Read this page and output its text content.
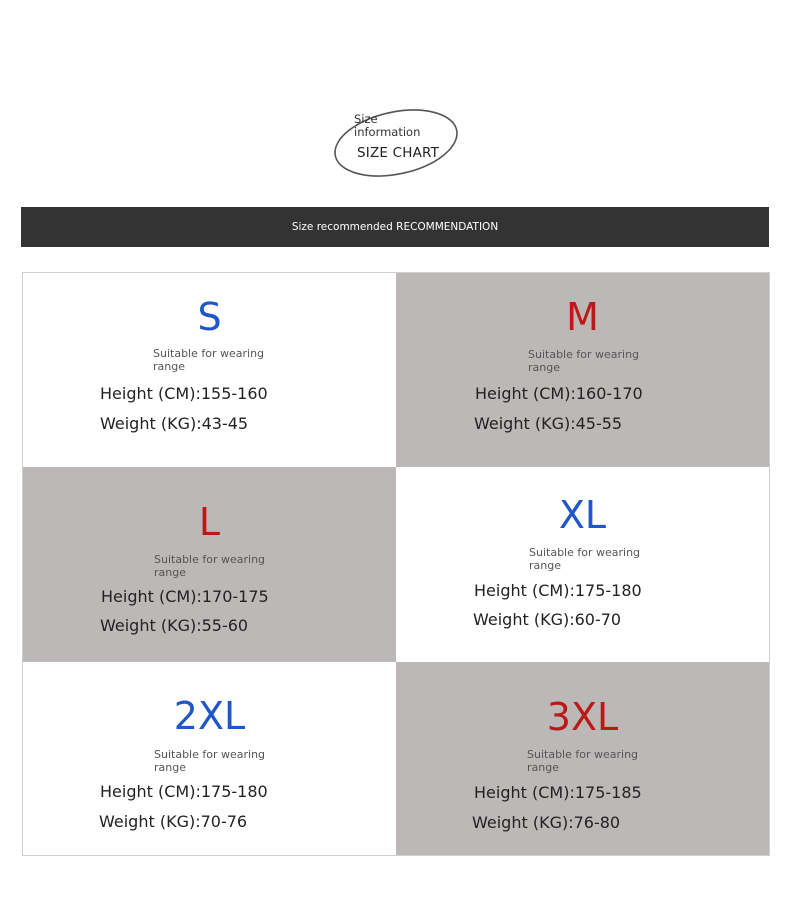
Size
information
SIZE CHART
Size recommended RECOMMENDATION
S
Suitable for wearing range
Height (CM):155-160
Weight (KG):43-45
M
Suitable for wearing range
Height (CM):160-170
Weight (KG):45-55
L
Suitable for wearing range
Height (CM):170-175
Weight (KG):55-60
XL
Suitable for wearing range
Height (CM):175-180
Weight (KG):60-70
2XL
Suitable for wearing range
Height (CM):175-180
Weight (KG):70-76
3XL
Suitable for wearing range
Height (CM):175-185
Weight (KG):76-80
